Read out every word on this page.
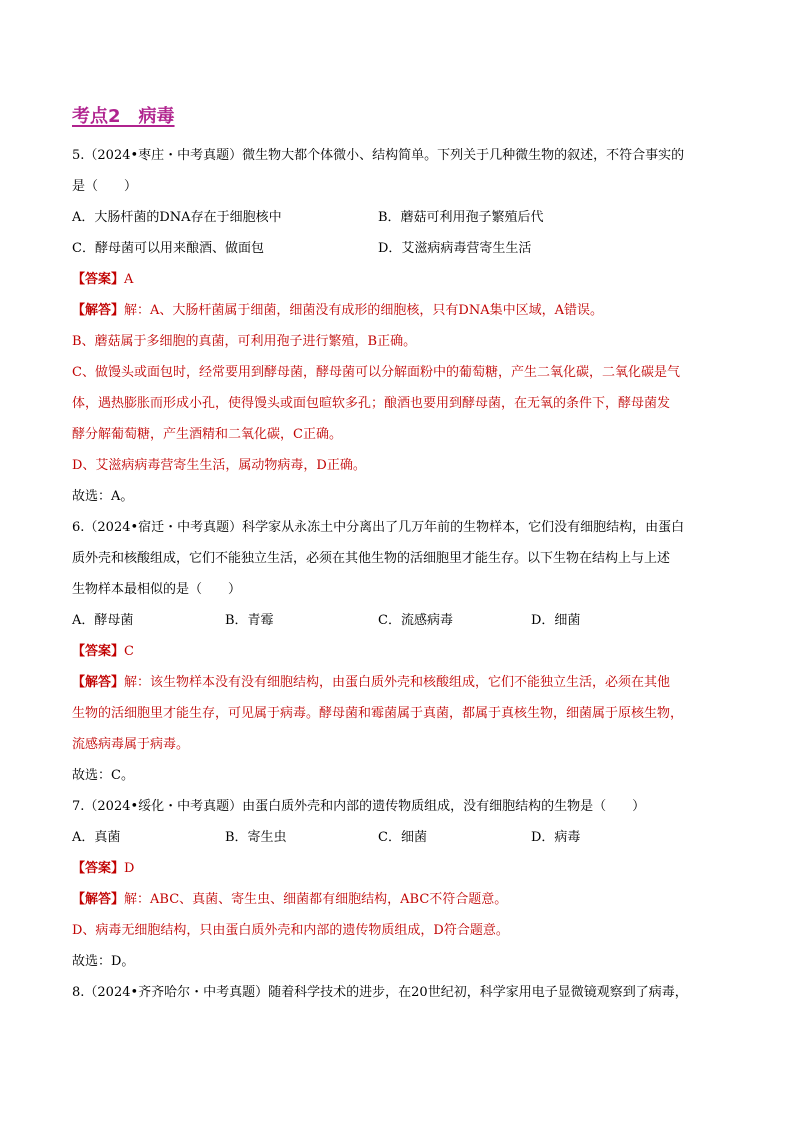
考点2　病毒
5.（2024•枣庄・中考真题）微生物大都个体微小、结构简单。下列关于几种微生物的叙述，不符合事实的
是（　　）
A．大肠杆菌的DNA存在于细胞核中	B．蘑菇可利用孢子繁殖后代
C．酵母菌可以用来酿酒、做面包	D．艾滋病病毒营寄生生活
【答案】A
【解答】解：A、大肠杆菌属于细菌，细菌没有成形的细胞核，只有DNA集中区域，A错误。
B、蘑菇属于多细胞的真菌，可利用孢子进行繁殖，B正确。
C、做馒头或面包时，经常要用到酵母菌，酵母菌可以分解面粉中的葡萄糖，产生二氧化碳，二氧化碳是气
体，遇热膨胀而形成小孔，使得馒头或面包暄软多孔；酿酒也要用到酵母菌，在无氧的条件下，酵母菌发
酵分解葡萄糖，产生酒精和二氧化碳，C正确。
D、艾滋病病毒营寄生生活，属动物病毒，D正确。
故选：A。
6.（2024•宿迁・中考真题）科学家从永冻土中分离出了几万年前的生物样本，它们没有细胞结构，由蛋白
质外壳和核酸组成，它们不能独立生活，必须在其他生物的活细胞里才能生存。以下生物在结构上与上述
生物样本最相似的是（　　）
A．酵母菌	B．青霉	C．流感病毒	D．细菌
【答案】C
【解答】解：该生物样本没有没有细胞结构，由蛋白质外壳和核酸组成，它们不能独立生活，必须在其他
生物的活细胞里才能生存，可见属于病毒。酵母菌和霉菌属于真菌，都属于真核生物，细菌属于原核生物，
流感病毒属于病毒。
故选：C。
7.（2024•绥化・中考真题）由蛋白质外壳和内部的遗传物质组成，没有细胞结构的生物是（　　）
A．真菌	B．寄生虫	C．细菌	D．病毒
【答案】D
【解答】解：ABC、真菌、寄生虫、细菌都有细胞结构，ABC不符合题意。
D、病毒无细胞结构，只由蛋白质外壳和内部的遗传物质组成，D符合题意。
故选：D。
8.（2024•齐齐哈尔・中考真题）随着科学技术的进步，在20世纪初，科学家用电子显微镜观察到了病毒，
